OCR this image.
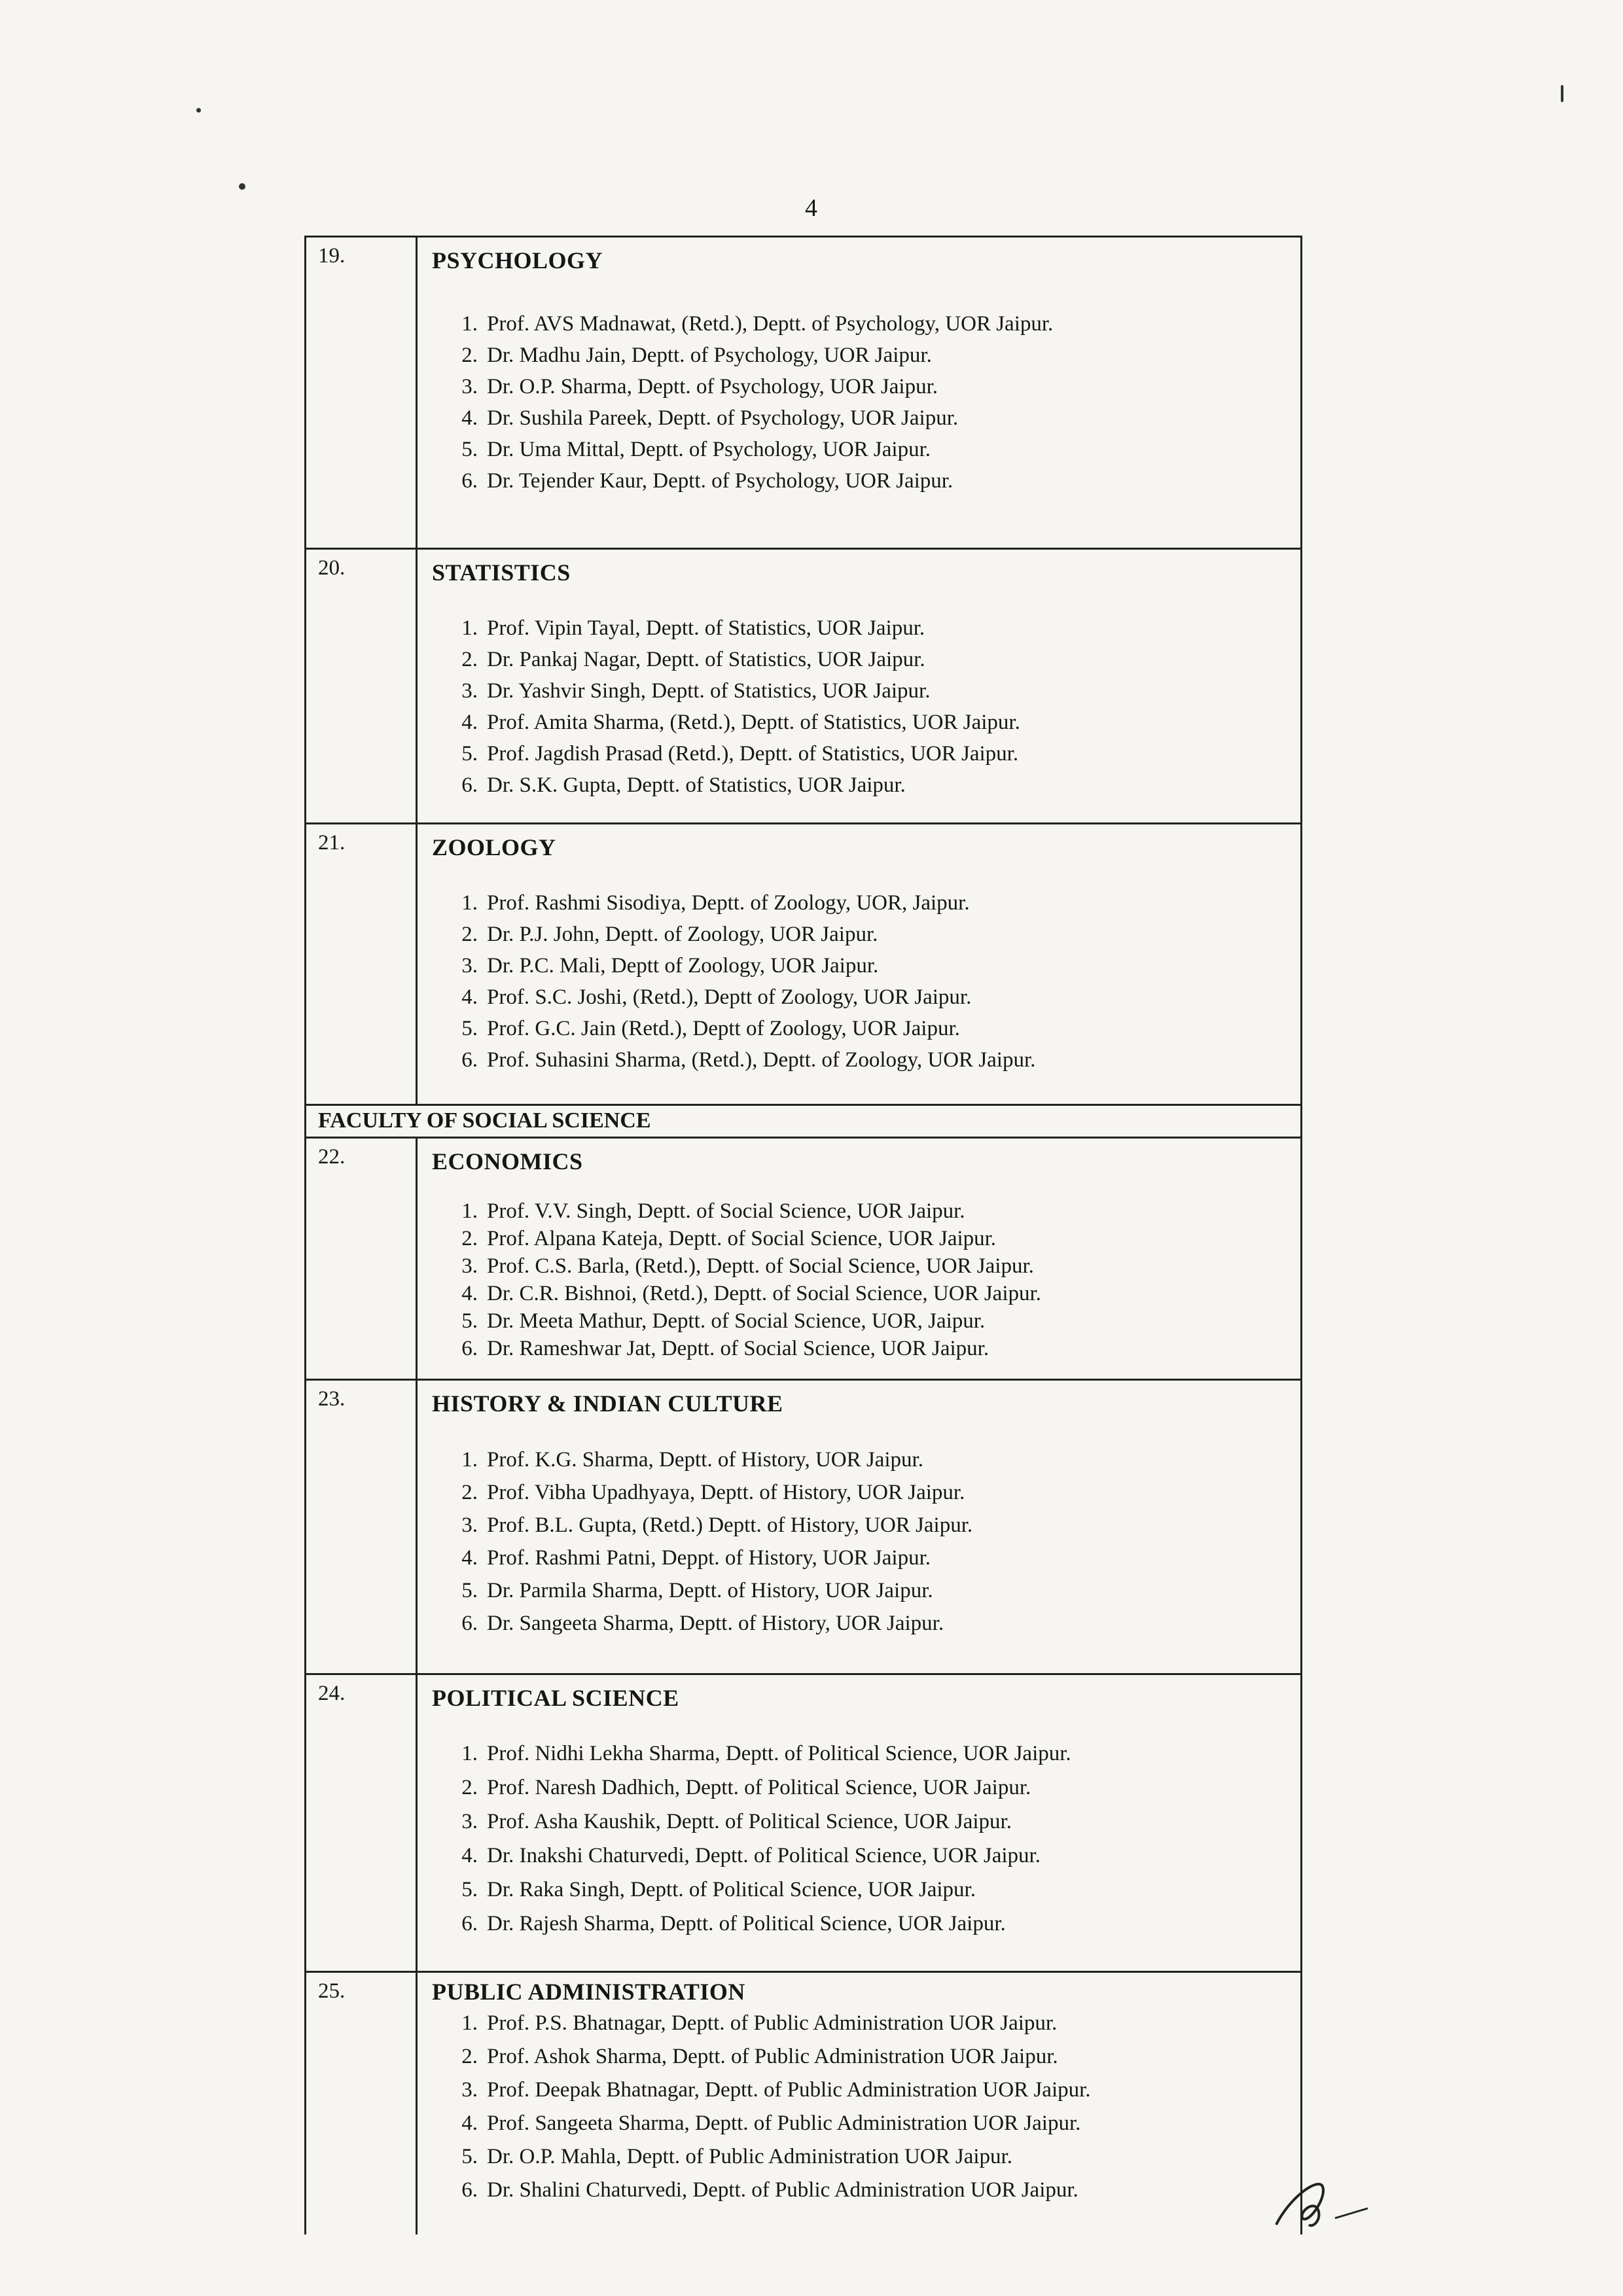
4
19.	PSYCHOLOGY
1. Prof. AVS Madnawat, (Retd.), Deptt. of Psychology, UOR Jaipur.
2. Dr. Madhu Jain, Deptt. of Psychology, UOR Jaipur.
3. Dr. O.P. Sharma, Deptt. of Psychology, UOR Jaipur.
4. Dr. Sushila Pareek, Deptt. of Psychology, UOR Jaipur.
5. Dr. Uma Mittal, Deptt. of Psychology, UOR Jaipur.
6. Dr. Tejender Kaur, Deptt. of Psychology, UOR Jaipur.
20.	STATISTICS
1. Prof. Vipin Tayal, Deptt. of Statistics, UOR Jaipur.
2. Dr. Pankaj Nagar, Deptt. of Statistics, UOR Jaipur.
3. Dr. Yashvir Singh, Deptt. of Statistics, UOR Jaipur.
4. Prof. Amita Sharma, (Retd.), Deptt. of Statistics, UOR Jaipur.
5. Prof. Jagdish Prasad (Retd.), Deptt. of Statistics, UOR Jaipur.
6. Dr. S.K. Gupta, Deptt. of Statistics, UOR Jaipur.
21.	ZOOLOGY
1. Prof. Rashmi Sisodiya, Deptt. of Zoology, UOR, Jaipur.
2. Dr. P.J. John, Deptt. of Zoology, UOR Jaipur.
3. Dr. P.C. Mali, Deptt of Zoology, UOR Jaipur.
4. Prof. S.C. Joshi, (Retd.), Deptt of Zoology, UOR Jaipur.
5. Prof. G.C. Jain (Retd.), Deptt of Zoology, UOR Jaipur.
6. Prof. Suhasini Sharma, (Retd.), Deptt. of Zoology, UOR Jaipur.
FACULTY OF SOCIAL SCIENCE
22.	ECONOMICS
1. Prof. V.V. Singh, Deptt. of Social Science, UOR Jaipur.
2. Prof. Alpana Kateja, Deptt. of Social Science, UOR Jaipur.
3. Prof. C.S. Barla, (Retd.), Deptt. of Social Science, UOR Jaipur.
4. Dr. C.R. Bishnoi, (Retd.), Deptt. of Social Science, UOR Jaipur.
5. Dr. Meeta Mathur, Deptt. of Social Science, UOR, Jaipur.
6. Dr. Rameshwar Jat, Deptt. of Social Science, UOR Jaipur.
23.	HISTORY & INDIAN CULTURE
1. Prof. K.G. Sharma, Deptt. of History, UOR Jaipur.
2. Prof. Vibha Upadhyaya, Deptt. of History, UOR Jaipur.
3. Prof. B.L. Gupta, (Retd.) Deptt. of History, UOR Jaipur.
4. Prof. Rashmi Patni, Deppt. of History, UOR Jaipur.
5. Dr. Parmila Sharma, Deptt. of History, UOR Jaipur.
6. Dr. Sangeeta Sharma, Deptt. of History, UOR Jaipur.
24.	POLITICAL SCIENCE
1. Prof. Nidhi Lekha Sharma, Deptt. of Political Science, UOR Jaipur.
2. Prof. Naresh Dadhich, Deptt. of Political Science, UOR Jaipur.
3. Prof. Asha Kaushik, Deptt. of Political Science, UOR Jaipur.
4. Dr. Inakshi Chaturvedi, Deptt. of Political Science, UOR Jaipur.
5. Dr. Raka Singh, Deptt. of Political Science, UOR Jaipur.
6. Dr. Rajesh Sharma, Deptt. of Political Science, UOR Jaipur.
25.	PUBLIC ADMINISTRATION
1. Prof. P.S. Bhatnagar, Deptt. of Public Administration UOR Jaipur.
2. Prof. Ashok Sharma, Deptt. of Public Administration UOR Jaipur.
3. Prof. Deepak Bhatnagar, Deptt. of Public Administration UOR Jaipur.
4. Prof. Sangeeta Sharma, Deptt. of Public Administration UOR Jaipur.
5. Dr. O.P. Mahla, Deptt. of Public Administration UOR Jaipur.
6. Dr. Shalini Chaturvedi, Deptt. of Public Administration UOR Jaipur.
